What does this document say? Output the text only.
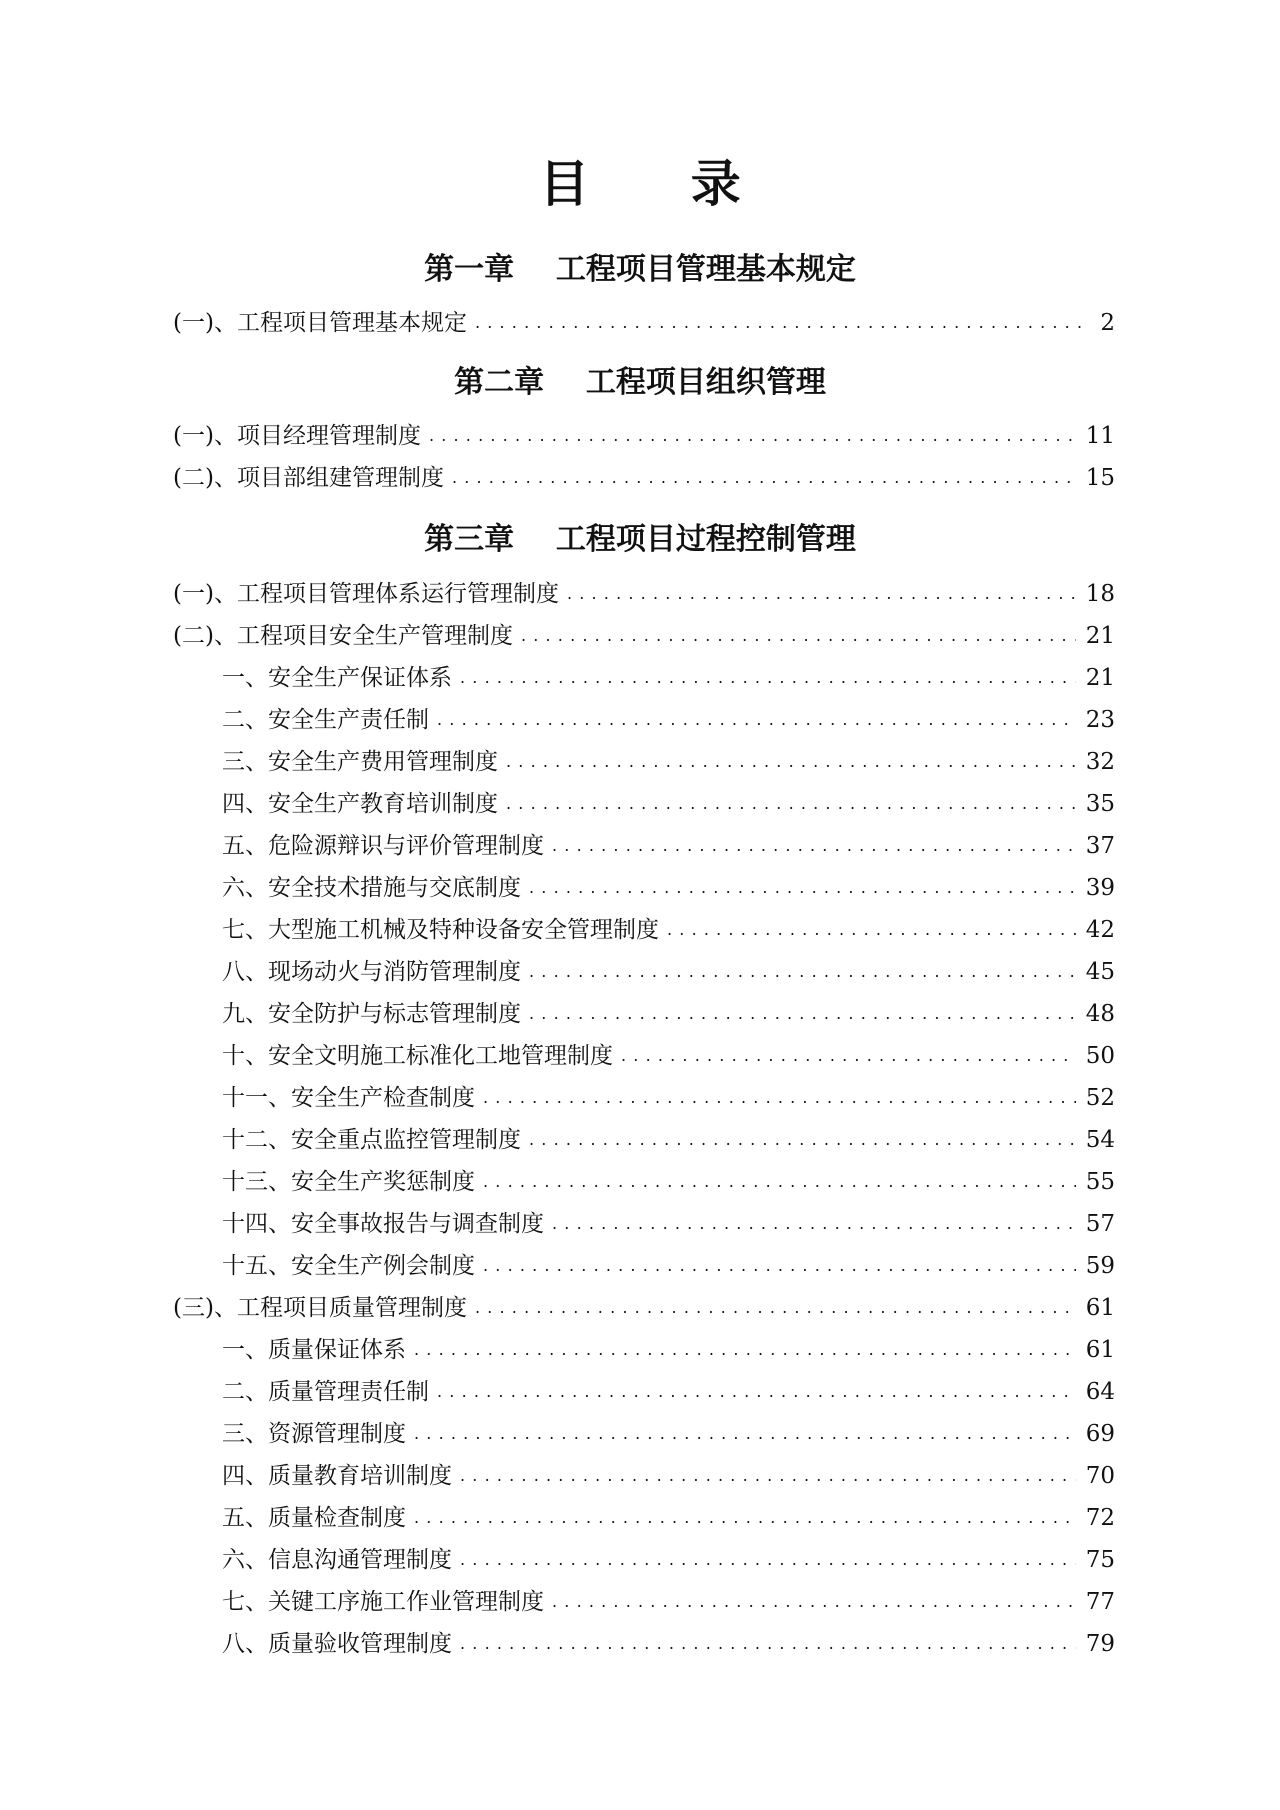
目 录
第一章    工程项目管理基本规定
(一)、工程项目管理基本规定 .....	2
第二章    工程项目组织管理
(一)、项目经理管理制度 .....	11
(二)、项目部组建管理制度 .....	15
第三章    工程项目过程控制管理
(一)、工程项目管理体系运行管理制度 .....	18
(二)、工程项目安全生产管理制度 .....	21
一、安全生产保证体系 .....	21
二、安全生产责任制 .....	23
三、安全生产费用管理制度 .....	32
四、安全生产教育培训制度 .....	35
五、危险源辩识与评价管理制度 .....	37
六、安全技术措施与交底制度 .....	39
七、大型施工机械及特种设备安全管理制度 .....	42
八、现场动火与消防管理制度 .....	45
九、安全防护与标志管理制度 .....	48
十、安全文明施工标准化工地管理制度 .....	50
十一、安全生产检查制度 .....	52
十二、安全重点监控管理制度 .....	54
十三、安全生产奖惩制度 .....	55
十四、安全事故报告与调查制度 .....	57
十五、安全生产例会制度 .....	59
(三)、工程项目质量管理制度 .....	61
一、质量保证体系 .....	61
二、质量管理责任制 .....	64
三、资源管理制度 .....	69
四、质量教育培训制度 .....	70
五、质量检查制度 .....	72
六、信息沟通管理制度 .....	75
七、关键工序施工作业管理制度 .....	77
八、质量验收管理制度 .....	79
